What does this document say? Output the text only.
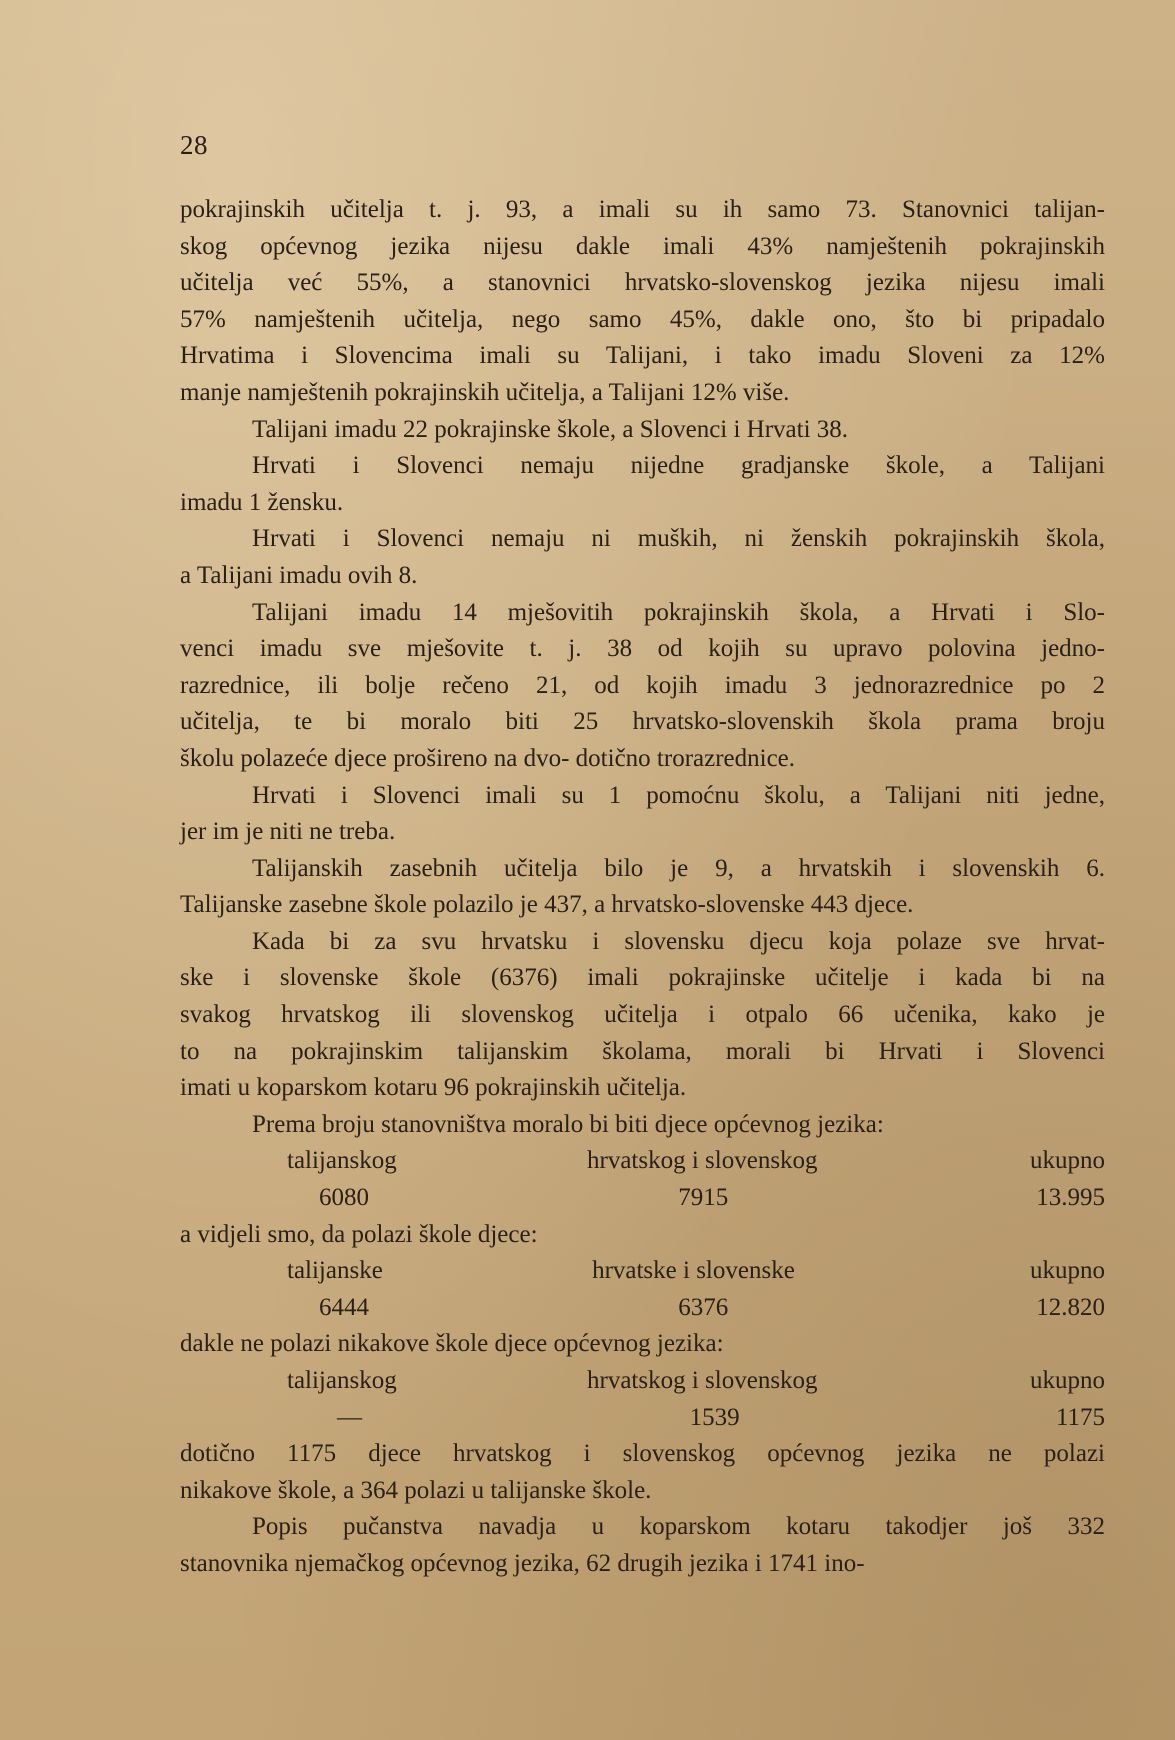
28
pokrajinskih učitelja t. j. 93, a imali su ih samo 73. Stanovnici talijan-
skog općevnog jezika nijesu dakle imali 43% namještenih pokrajinskih
učitelja već 55%, a stanovnici hrvatsko-slovenskog jezika nijesu imali
57% namještenih učitelja, nego samo 45%, dakle ono, što bi pripadalo
Hrvatima i Slovencima imali su Talijani, i tako imadu Sloveni za 12%
manje namještenih pokrajinskih učitelja, a Talijani 12% više.
Talijani imadu 22 pokrajinske škole, a Slovenci i Hrvati 38.
Hrvati i Slovenci nemaju nijedne gradjanske škole, a Talijani
imadu 1 žensku.
Hrvati i Slovenci nemaju ni muških, ni ženskih pokrajinskih škola,
a Talijani imadu ovih 8.
Talijani imadu 14 mješovitih pokrajinskih škola, a Hrvati i Slo-
venci imadu sve mješovite t. j. 38 od kojih su upravo polovina jedno-
razrednice, ili bolje rečeno 21, od kojih imadu 3 jednorazrednice po 2
učitelja, te bi moralo biti 25 hrvatsko-slovenskih škola prama broju
školu polazeće djece prošireno na dvo- dotično trorazrednice.
Hrvati i Slovenci imali su 1 pomoćnu školu, a Talijani niti jedne,
jer im je niti ne treba.
Talijanskih zasebnih učitelja bilo je 9, a hrvatskih i slovenskih 6.
Talijanske zasebne škole polazilo je 437, a hrvatsko-slovenske 443 djece.
Kada bi za svu hrvatsku i slovensku djecu koja polaze sve hrvat-
ske i slovenske škole (6376) imali pokrajinske učitelje i kada bi na
svakog hrvatskog ili slovenskog učitelja i otpalo 66 učenika, kako je
to na pokrajinskim talijanskim školama, morali bi Hrvati i Slovenci
imati u koparskom kotaru 96 pokrajinskih učitelja.
Prema broju stanovništva moralo bi biti djece općevnog jezika:
talijanskog	hrvatskog i slovenskog	ukupno
6080	7915	13.995
a vidjeli smo, da polazi škole djece:
talijanske	hrvatske i slovenske	ukupno
6444	6376	12.820
dakle ne polazi nikakove škole djece općevnog jezika:
talijanskog	hrvatskog i slovenskog	ukupno
—	1539	1175
dotično 1175 djece hrvatskog i slovenskog općevnog jezika ne polazi
nikakove škole, a 364 polazi u talijanske škole.
Popis pučanstva navadja u koparskom kotaru takodjer još 332
stanovnika njemačkog općevnog jezika, 62 drugih jezika i 1741 ino-
